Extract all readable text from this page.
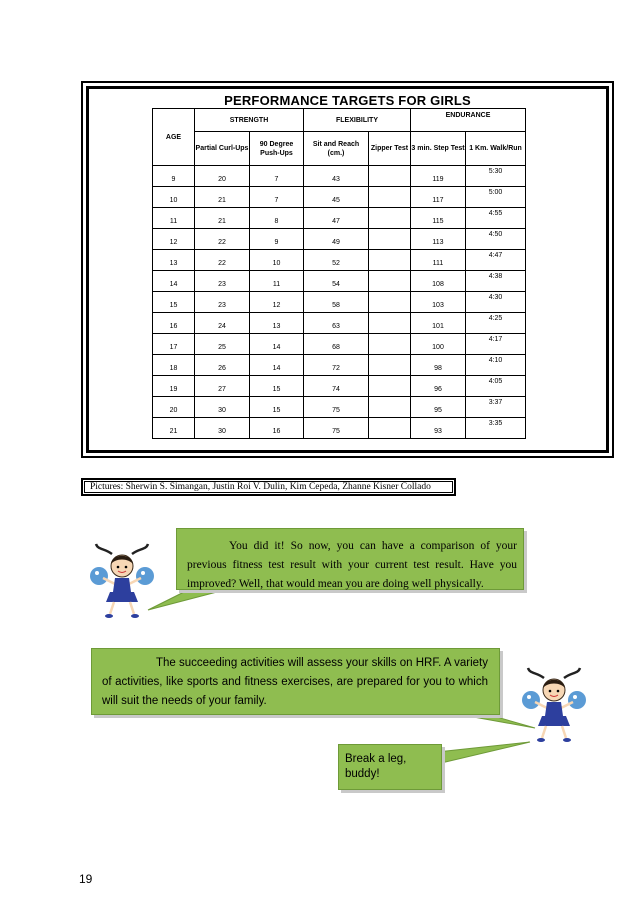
PERFORMANCE TARGETS FOR GIRLS
AGE	STRENGTH		FLEXIBILITY		ENDURANCE	
	Partial Curl-Ups	90 Degree Push-Ups	Sit and Reach (cm.)	Zipper Test	3 min. Step Test	1 Km. Walk/Run
9	20	7	43		119	5:30

10	21	7	45		117	5:00

11	21	8	47		115	4:55

12	22	9	49		113	4:50

13	22	10	52		111	4:47

14	23	11	54		108	4:38

15	23	12	58		103	4:30

16	24	13	63		101	4:25

17	25	14	68		100	4:17

18	26	14	72		98	4:10

19	27	15	74		96	4:05

20	30	15	75		95	3:37

21	30	16	75		93	3:35
Pictures: Sherwin S. Simangan, Justin Roi V. Dulin, Kim Cepeda, Zhanne Kisner Collado
You did it! So now, you can have a comparison of your previous fitness test result with your current test result. Have you improved? Well, that would mean you are doing well physically.
The succeeding activities will assess your skills on HRF. A variety of activities, like sports and fitness exercises, are prepared for you to which will suit the needs of your family.
Break a leg, buddy!
19
